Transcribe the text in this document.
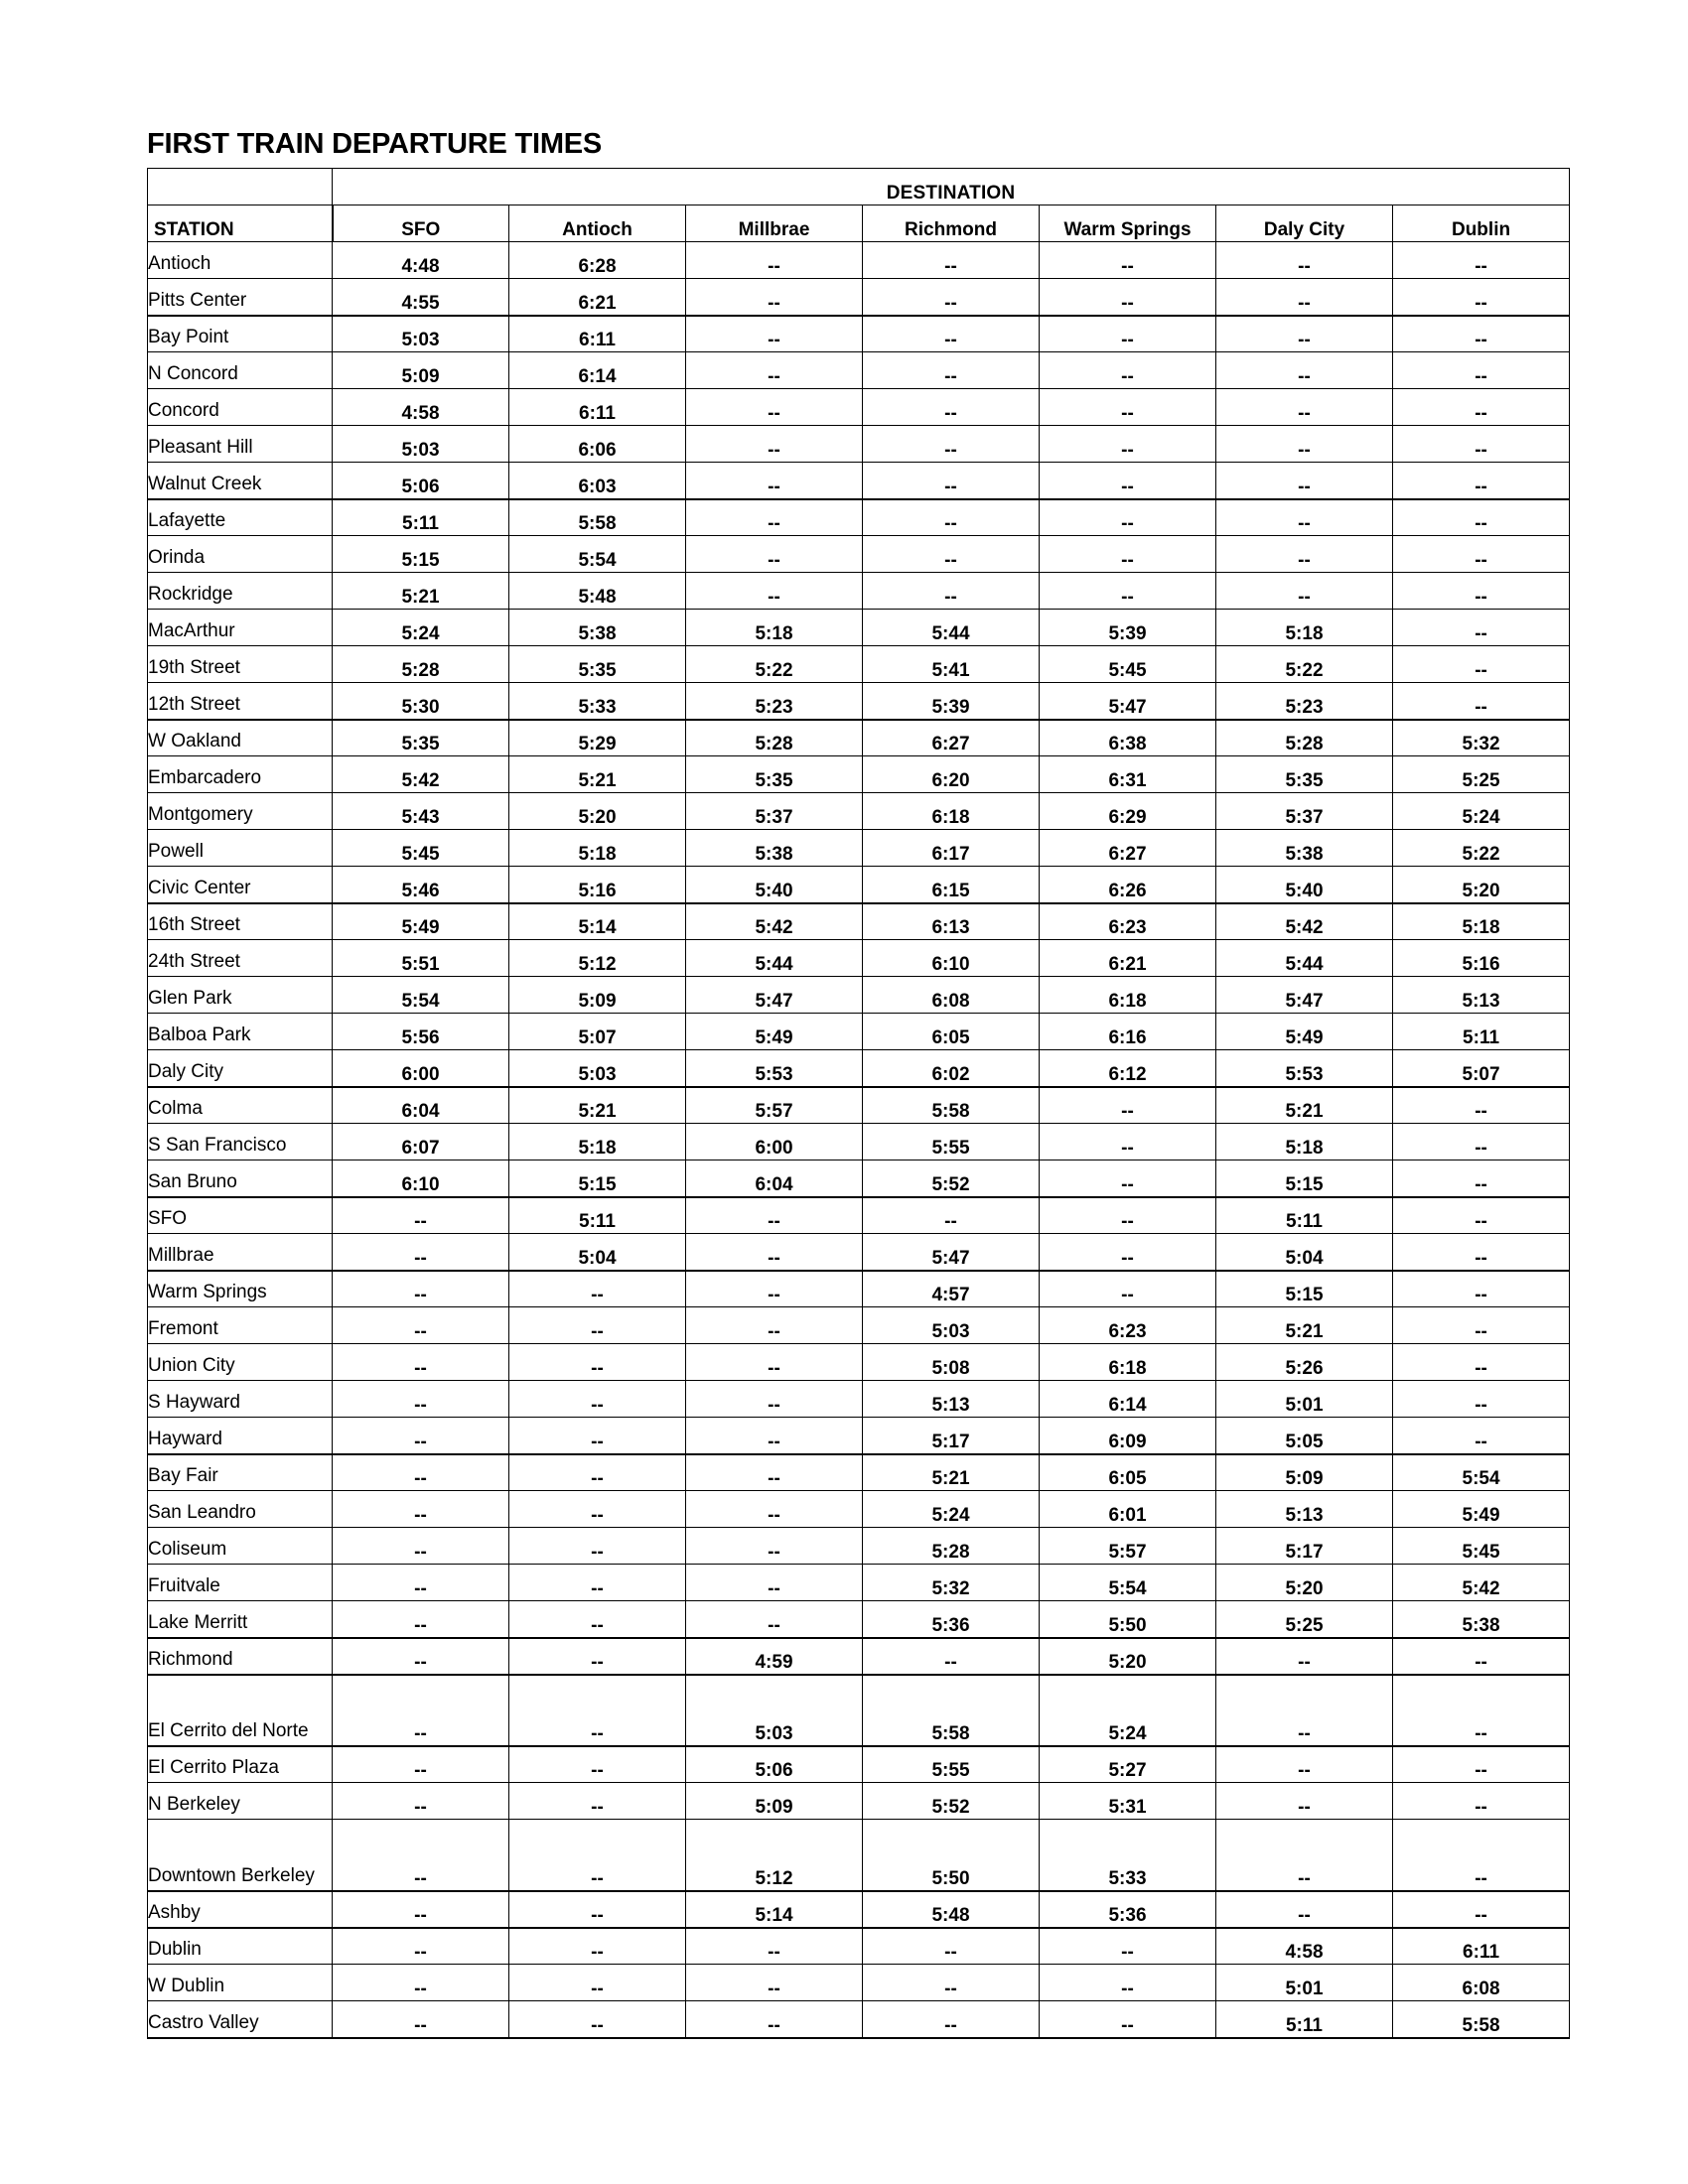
FIRST TRAIN DEPARTURE TIMES
	DESTINATION						
STATION	SFO	Antioch	Millbrae	Richmond	Warm Springs	Daly City	Dublin
Antioch	4:48	6:28	--	--	--	--	--
Pitts Center	4:55	6:21	--	--	--	--	--
Bay Point	5:03	6:11	--	--	--	--	--
N Concord	5:09	6:14	--	--	--	--	--
Concord	4:58	6:11	--	--	--	--	--
Pleasant Hill	5:03	6:06	--	--	--	--	--
Walnut Creek	5:06	6:03	--	--	--	--	--
Lafayette	5:11	5:58	--	--	--	--	--
Orinda	5:15	5:54	--	--	--	--	--
Rockridge	5:21	5:48	--	--	--	--	--
MacArthur	5:24	5:38	5:18	5:44	5:39	5:18	--
19th Street	5:28	5:35	5:22	5:41	5:45	5:22	--
12th Street	5:30	5:33	5:23	5:39	5:47	5:23	--
W Oakland	5:35	5:29	5:28	6:27	6:38	5:28	5:32
Embarcadero	5:42	5:21	5:35	6:20	6:31	5:35	5:25
Montgomery	5:43	5:20	5:37	6:18	6:29	5:37	5:24
Powell	5:45	5:18	5:38	6:17	6:27	5:38	5:22
Civic Center	5:46	5:16	5:40	6:15	6:26	5:40	5:20
16th Street	5:49	5:14	5:42	6:13	6:23	5:42	5:18
24th Street	5:51	5:12	5:44	6:10	6:21	5:44	5:16
Glen Park	5:54	5:09	5:47	6:08	6:18	5:47	5:13
Balboa Park	5:56	5:07	5:49	6:05	6:16	5:49	5:11
Daly City	6:00	5:03	5:53	6:02	6:12	5:53	5:07
Colma	6:04	5:21	5:57	5:58	--	5:21	--
S San Francisco	6:07	5:18	6:00	5:55	--	5:18	--
San Bruno	6:10	5:15	6:04	5:52	--	5:15	--
SFO	--	5:11	--	--	--	5:11	--
Millbrae	--	5:04	--	5:47	--	5:04	--
Warm Springs	--	--	--	4:57	--	5:15	--
Fremont	--	--	--	5:03	6:23	5:21	--
Union City	--	--	--	5:08	6:18	5:26	--
S Hayward	--	--	--	5:13	6:14	5:01	--
Hayward	--	--	--	5:17	6:09	5:05	--
Bay Fair	--	--	--	5:21	6:05	5:09	5:54
San Leandro	--	--	--	5:24	6:01	5:13	5:49
Coliseum	--	--	--	5:28	5:57	5:17	5:45
Fruitvale	--	--	--	5:32	5:54	5:20	5:42
Lake Merritt	--	--	--	5:36	5:50	5:25	5:38
Richmond	--	--	4:59	--	5:20	--	--
El Cerrito del Norte	--	--	5:03	5:58	5:24	--	--
El Cerrito Plaza	--	--	5:06	5:55	5:27	--	--
N Berkeley	--	--	5:09	5:52	5:31	--	--
Downtown Berkeley	--	--	5:12	5:50	5:33	--	--
Ashby	--	--	5:14	5:48	5:36	--	--
Dublin	--	--	--	--	--	4:58	6:11
W Dublin	--	--	--	--	--	5:01	6:08
Castro Valley	--	--	--	--	--	5:11	5:58
